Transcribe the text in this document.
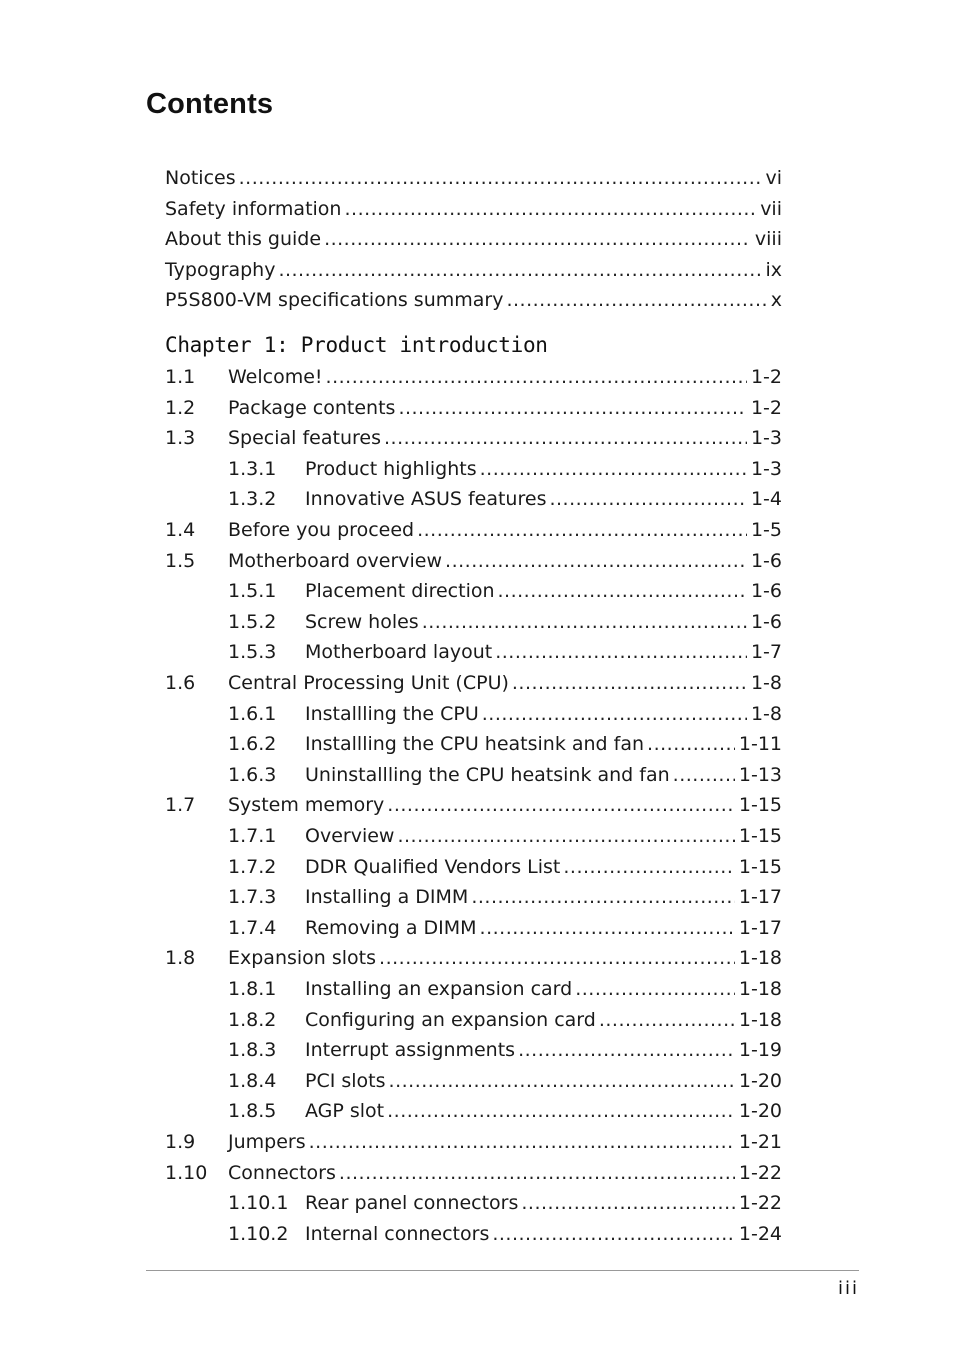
Contents
Chapter 1: Product introduction
Notices .....	vi
Safety information .....	vii
About this guide .....	viii
Typography .....	ix
P5S800-VM specifications summary .....	x
1.1 Welcome! .....	1-2
1.2 Package contents .....	1-2
1.3 Special features .....	1-3
1.3.1 Product highlights .....	1-3
1.3.2 Innovative ASUS features .....	1-4
1.4 Before you proceed .....	1-5
1.5 Motherboard overview .....	1-6
1.5.1 Placement direction .....	1-6
1.5.2 Screw holes .....	1-6
1.5.3 Motherboard layout .....	1-7
1.6 Central Processing Unit (CPU) .....	1-8
1.6.1 Installling the CPU .....	1-8
1.6.2 Installling the CPU heatsink and fan .....	1-11
1.6.3 Uninstallling the CPU heatsink and fan .....	1-13
1.7 System memory .....	1-15
1.7.1 Overview .....	1-15
1.7.2 DDR Qualified Vendors List .....	1-15
1.7.3 Installing a DIMM .....	1-17
1.7.4 Removing a DIMM .....	1-17
1.8 Expansion slots .....	1-18
1.8.1 Installing an expansion card .....	1-18
1.8.2 Configuring an expansion card .....	1-18
1.8.3 Interrupt assignments .....	1-19
1.8.4 PCI slots .....	1-20
1.8.5 AGP slot .....	1-20
1.9 Jumpers .....	1-21
1.10 Connectors .....	1-22
1.10.1 Rear panel connectors .....	1-22
1.10.2 Internal connectors .....	1-24
iii
